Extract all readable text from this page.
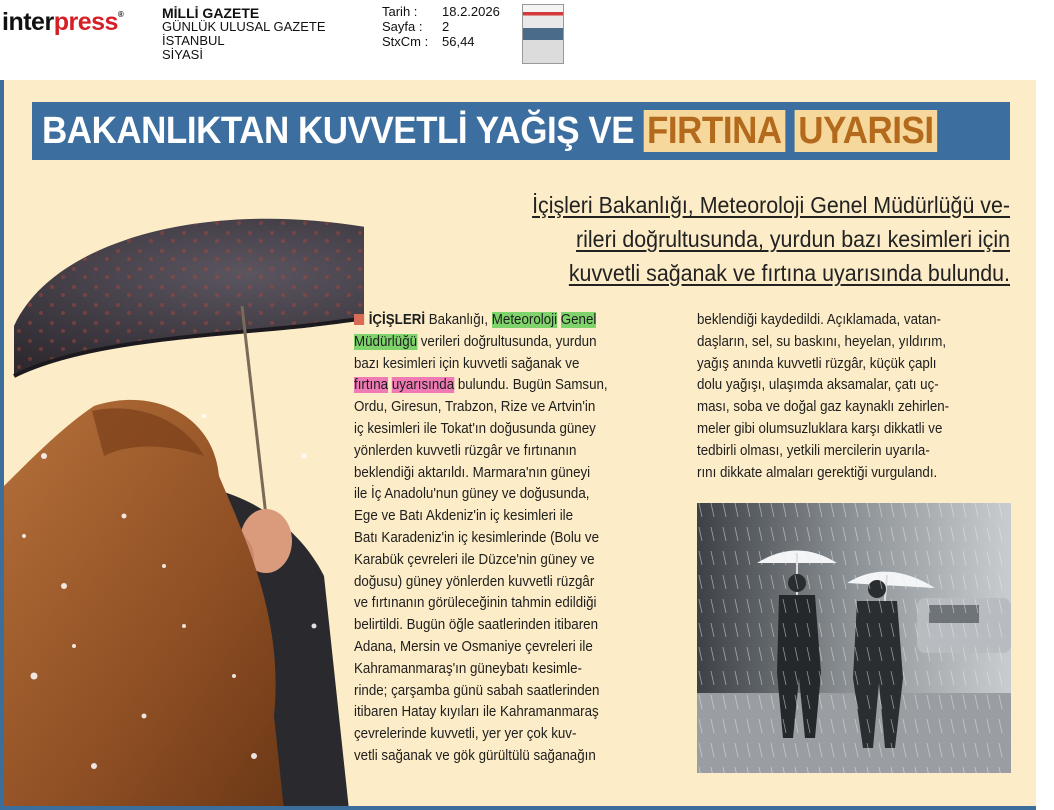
interpress®	MİLLİ GAZETE
GÜNLÜK ULUSAL GAZETE
İSTANBUL
SİYASİ
Tarih :	18.2.2026
Sayfa :	2
StxCm :	56,44
BAKANLIKTAN KUVVETLİ YAĞIŞ VE FIRTINA UYARISI
İçişleri Bakanlığı, Meteoroloji Genel Müdürlüğü ve-
rileri doğrultusunda, yurdun bazı kesimleri için
kuvvetli sağanak ve fırtına uyarısında bulundu.
İÇİŞLERİ Bakanlığı, Meteoroloji Genel
Müdürlüğü verileri doğrultusunda, yurdun
bazı kesimleri için kuvvetli sağanak ve
fırtına uyarısında bulundu. Bugün Samsun,
Ordu, Giresun, Trabzon, Rize ve Artvin'in
iç kesimleri ile Tokat'ın doğusunda güney
yönlerden kuvvetli rüzgâr ve fırtınanın
beklendiği aktarıldı. Marmara'nın güneyi
ile İç Anadolu'nun güney ve doğusunda,
Ege ve Batı Akdeniz'in iç kesimleri ile
Batı Karadeniz'in iç kesimlerinde (Bolu ve
Karabük çevreleri ile Düzce'nin güney ve
doğusu) güney yönlerden kuvvetli rüzgâr
ve fırtınanın görüleceğinin tahmin edildiği
belirtildi. Bugün öğle saatlerinden itibaren
Adana, Mersin ve Osmaniye çevreleri ile
Kahramanmaraş'ın güneybatı kesimle-
rinde; çarşamba günü sabah saatlerinden
itibaren Hatay kıyıları ile Kahramanmaraş
çevrelerinde kuvvetli, yer yer çok kuv-
vetli sağanak ve gök gürültülü sağanağın
beklendiği kaydedildi. Açıklamada, vatan-
daşların, sel, su baskını, heyelan, yıldırım,
yağış anında kuvvetli rüzgâr, küçük çaplı
dolu yağışı, ulaşımda aksamalar, çatı uç-
ması, soba ve doğal gaz kaynaklı zehirlen-
meler gibi olumsuzluklara karşı dikkatli ve
tedbirli olması, yetkili mercilerin uyarıla-
rını dikkate almaları gerektiği vurgulandı.
